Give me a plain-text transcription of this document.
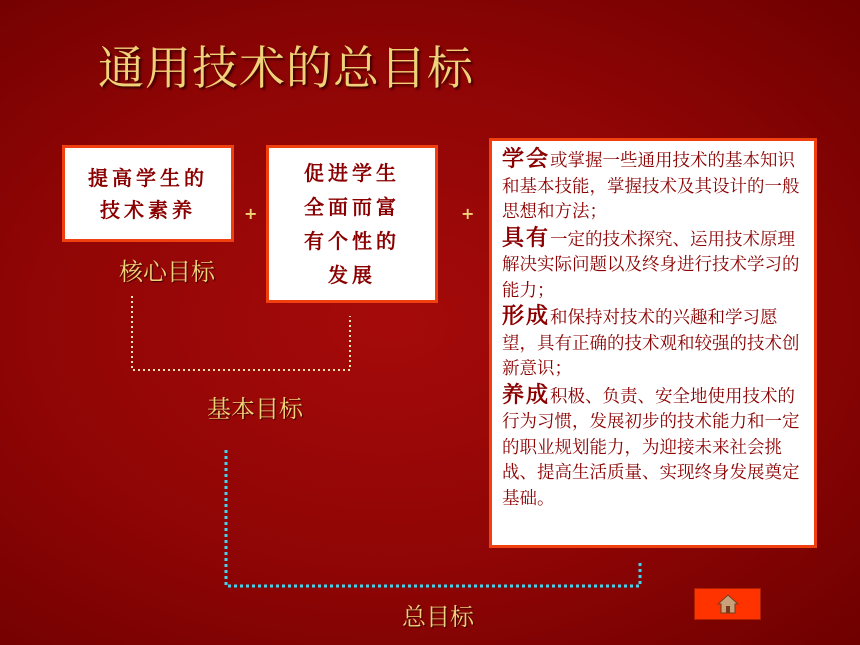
通用技术的总目标
提高学生的
技术素养	+
促进学生
全面而富
有个性的
发展
+
核心目标
基本目标

学会或掌握一些通用技术的基本知识和基本技能，掌握技术及其设计的一般思想和方法；

具有一定的技术探究、运用技术原理解决实际问题以及终身进行技术学习的能力；

形成和保持对技术的兴趣和学习愿望，具有正确的技术观和较强的技术创新意识；

养成积极、负责、安全地使用技术的行为习惯，发展初步的技术能力和一定的职业规划能力，为迎接未来社会挑战、提高生活质量、实现终身发展奠定基础。

总目标
